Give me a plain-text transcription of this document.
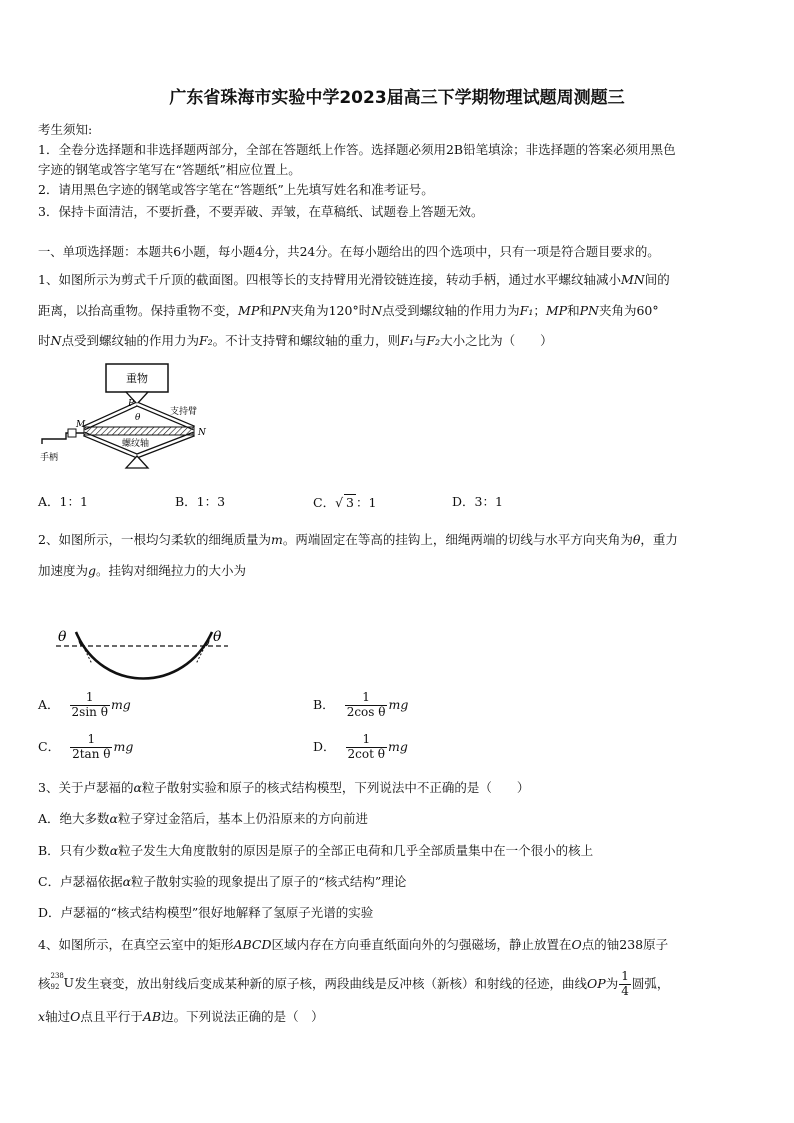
广东省珠海市实验中学2023届高三下学期物理试题周测题三
考生须知:
1．全卷分选择题和非选择题两部分，全部在答题纸上作答。选择题必须用2B铅笔填涂；非选择题的答案必须用黑色
字迹的钢笔或答字笔写在“答题纸”相应位置上。
2．请用黑色字迹的钢笔或答字笔在“答题纸”上先填写姓名和准考证号。
3．保持卡面清洁，不要折叠，不要弄破、弄皱，在草稿纸、试题卷上答题无效。
一、单项选择题：本题共6小题，每小题4分，共24分。在每小题给出的四个选项中，只有一项是符合题目要求的。
1、如图所示为剪式千斤顶的截面图。四根等长的支持臂用光滑铰链连接，转动手柄，通过水平螺纹轴减小MN间的
距离，以抬高重物。保持重物不变，MP和PN夹角为120°时N点受到螺纹轴的作用力为F₁；MP和PN夹角为60°
时N点受到螺纹轴的作用力为F₂。不计支持臂和螺纹轴的重力，则F₁与F₂大小之比为（　　）
重物
P
θ
支持臂
M
N
螺纹轴
手柄
A．1：1	B．1：3	C．√ 3 ：1	D．3：1
2、如图所示，一根均匀柔软的细绳质量为m。两端固定在等高的挂钩上，细绳两端的切线与水平方向夹角为θ，重力
加速度为g。挂钩对细绳拉力的大小为
θ	θ
A． $\frac{1}{\text{2sin θ}}$ mg	B． $\frac{1}{\text{2cos θ}}$ mg
C． $\frac{1}{\text{2tan θ}}$ mg	D． $\frac{1}{\text{2cot θ}}$ mg
3、关于卢瑟福的α粒子散射实验和原子的核式结构模型，下列说法中不正确的是（　　）
A．绝大多数α粒子穿过金箔后，基本上仍沿原来的方向前进
B．只有少数α粒子发生大角度散射的原因是原子的全部正电荷和几乎全部质量集中在一个很小的核上
C．卢瑟福依据α粒子散射实验的现象提出了原子的“核式结构”理论
D．卢瑟福的“核式结构模型”很好地解释了氢原子光谱的实验
4、如图所示，在真空云室中的矩形ABCD区域内存在方向垂直纸面向外的匀强磁场，静止放置在O点的铀238原子
核 238
92 U 发生衰变，放出射线后变成某种新的原子核，两段曲线是反冲核（新核）和射线的径迹，曲线OP为 $\frac{1}{4}$ 圆弧，
x轴过O点且平行于AB边。下列说法正确的是（　）
